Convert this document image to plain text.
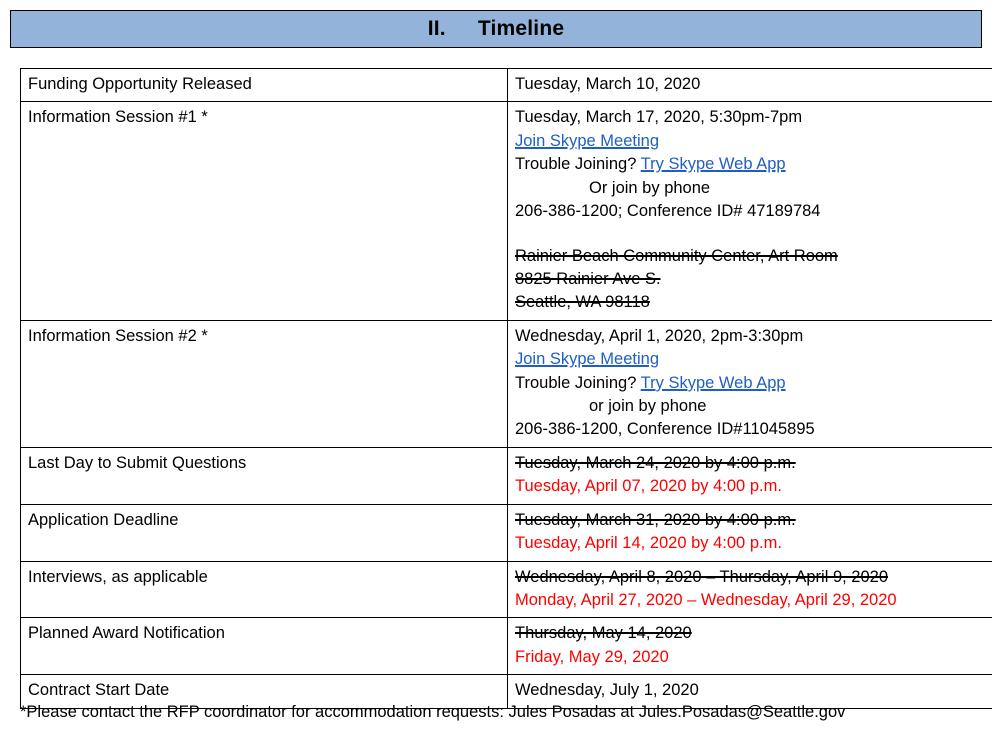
II. Timeline
Funding Opportunity Released	Tuesday, March 10, 2020

Information Session #1 *	Tuesday, March 17, 2020, 5:30pm-7pm
Join Skype Meeting
Trouble Joining? Try Skype Web App
Or join by phone
206-386-1200; Conference ID# 47189784
Rainier Beach Community Center, Art Room
8825 Rainier Ave S.
Seattle, WA 98118

Information Session #2 *	Wednesday, April 1, 2020, 2pm-3:30pm
Join Skype Meeting
Trouble Joining? Try Skype Web App
or join by phone
206-386-1200, Conference ID#11045895

Last Day to Submit Questions	Tuesday, March 24, 2020 by 4:00 p.m.
Tuesday, April 07, 2020 by 4:00 p.m.

Application Deadline	Tuesday, March 31, 2020 by 4:00 p.m.
Tuesday, April 14, 2020 by 4:00 p.m.

Interviews, as applicable	Wednesday, April 8, 2020 – Thursday, April 9, 2020
Monday, April 27, 2020 – Wednesday, April 29, 2020

Planned Award Notification	Thursday, May 14, 2020
Friday, May 29, 2020

Contract Start Date	Wednesday, July 1, 2020
*Please contact the RFP coordinator for accommodation requests: Jules Posadas at Jules.Posadas@Seattle.gov
